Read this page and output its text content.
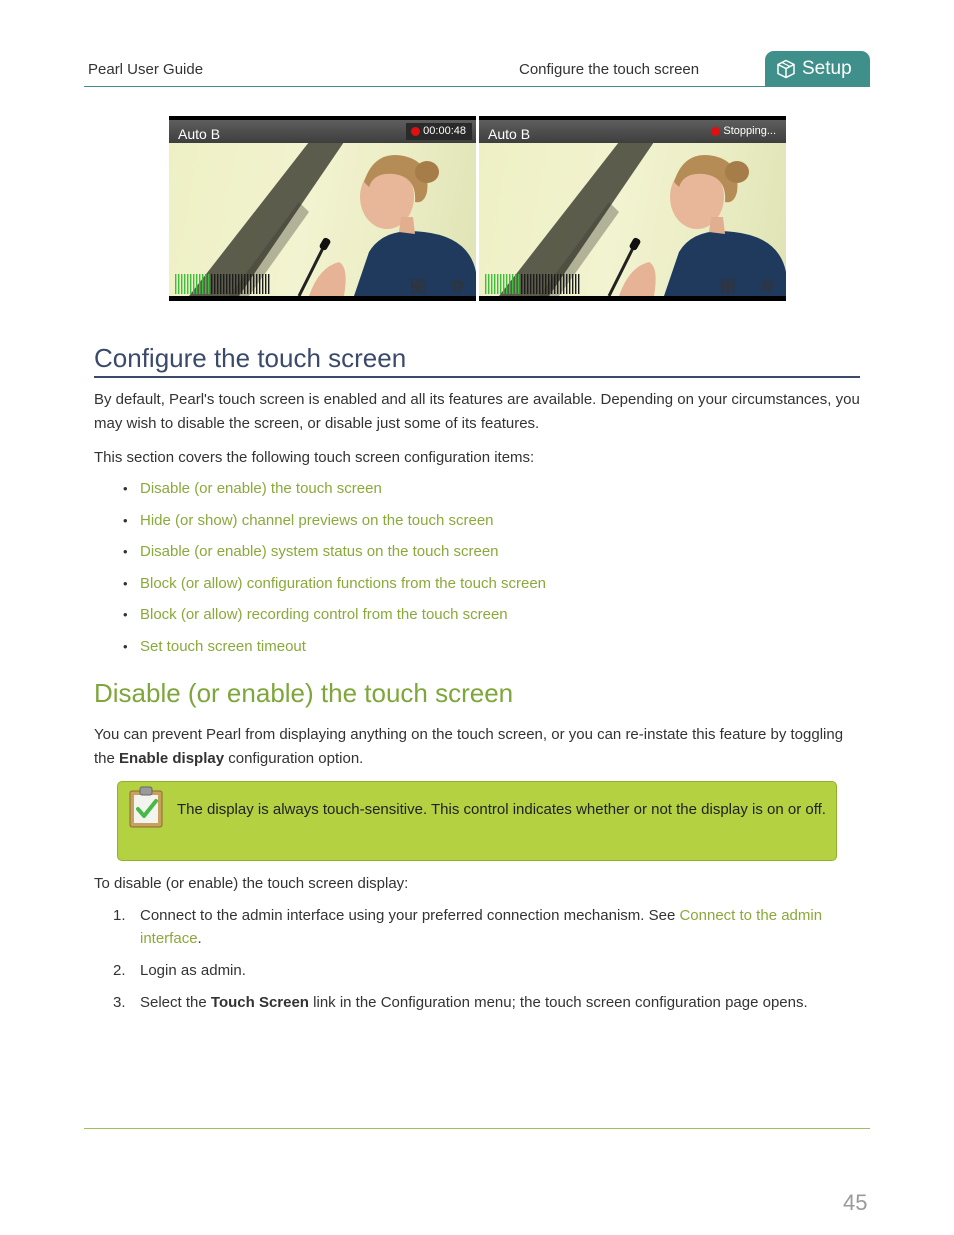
Pearl User Guide	Configure the touch screen	Setup
Auto B	00:00:48	Auto B	Stopping...
Configure the touch screen
By default, Pearl's touch screen is enabled and all its features are available. Depending on your circumstances, you may wish to disable the screen, or disable just some of its features.
This section covers the following touch screen configuration items:
• Disable (or enable) the touch screen
• Hide (or show) channel previews on the touch screen
• Disable (or enable) system status on the touch screen
• Block (or allow) configuration functions from the touch screen
• Block (or allow) recording control from the touch screen
• Set touch screen timeout
Disable (or enable) the touch screen
You can prevent Pearl from displaying anything on the touch screen, or you can re-instate this feature by toggling the Enable display configuration option.
The display is always touch-sensitive. This control indicates whether or not the display is on or off.
To disable (or enable) the touch screen display:
1. Connect to the admin interface using your preferred connection mechanism. See Connect to the admin interface.
2. Login as admin.
3. Select the Touch Screen link in the Configuration menu; the touch screen configuration page opens.
45
